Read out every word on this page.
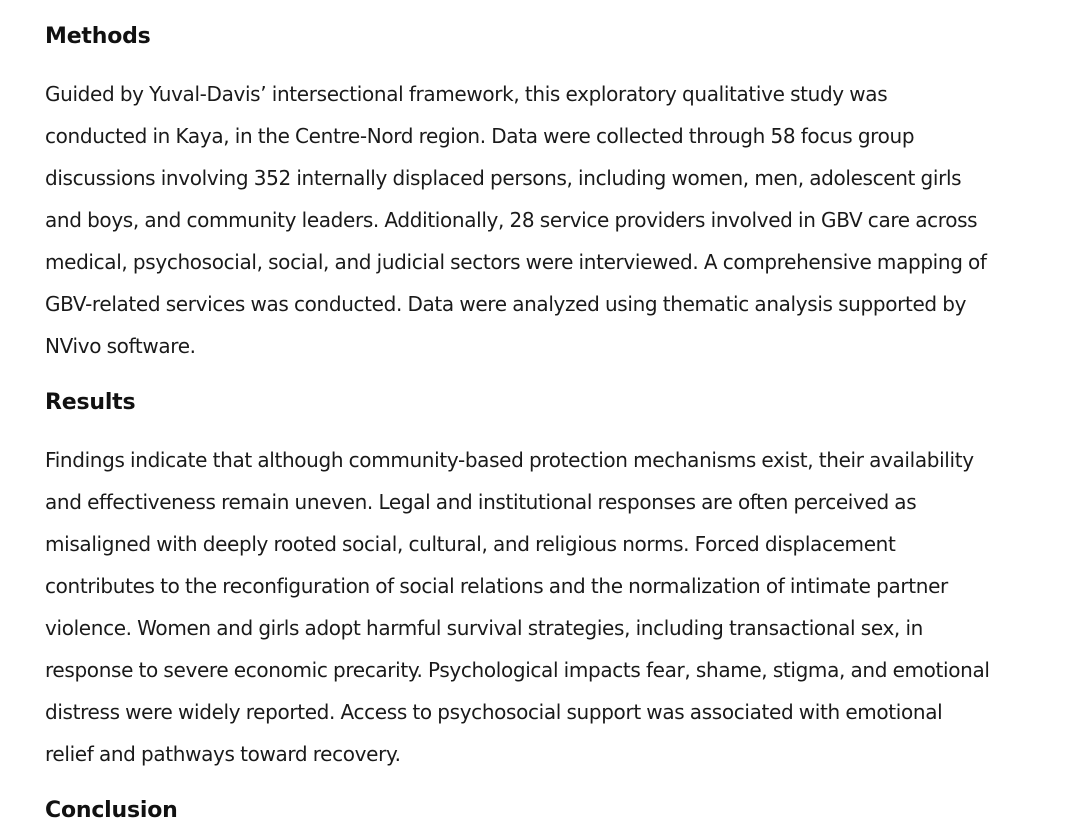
Methods
Guided by Yuval-Davis’ intersectional framework, this exploratory qualitative study was
conducted in Kaya, in the Centre-Nord region. Data were collected through 58 focus group
discussions involving 352 internally displaced persons, including women, men, adolescent girls
and boys, and community leaders. Additionally, 28 service providers involved in GBV care across
medical, psychosocial, social, and judicial sectors were interviewed. A comprehensive mapping of
GBV-related services was conducted. Data were analyzed using thematic analysis supported by
NVivo software.
Results
Findings indicate that although community-based protection mechanisms exist, their availability
and effectiveness remain uneven. Legal and institutional responses are often perceived as
misaligned with deeply rooted social, cultural, and religious norms. Forced displacement
contributes to the reconfiguration of social relations and the normalization of intimate partner
violence. Women and girls adopt harmful survival strategies, including transactional sex, in
response to severe economic precarity. Psychological impacts fear, shame, stigma, and emotional
distress were widely reported. Access to psychosocial support was associated with emotional
relief and pathways toward recovery.
Conclusion
